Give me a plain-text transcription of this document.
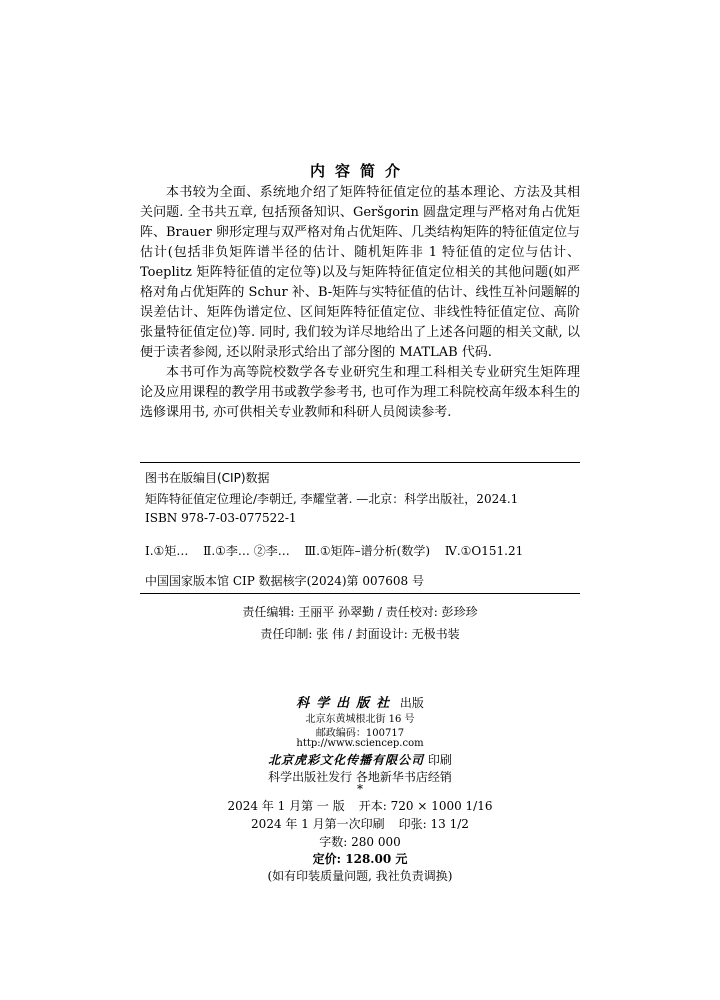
内容简介

本书较为全面、系统地介绍了矩阵特征值定位的基本理论、方法及其相关问题. 全书共五章, 包括预备知识、Geršgorin 圆盘定理与严格对角占优矩阵、Brauer 卵形定理与双严格对角占优矩阵、几类结构矩阵的特征值定位与估计(包括非负矩阵谱半径的估计、随机矩阵非 1 特征值的定位与估计、Toeplitz 矩阵特征值的定位等)以及与矩阵特征值定位相关的其他问题(如严格对角占优矩阵的 Schur 补、B-矩阵与实特征值的估计、线性互补问题解的误差估计、矩阵伪谱定位、区间矩阵特征值定位、非线性特征值定位、高阶张量特征值定位)等. 同时, 我们较为详尽地给出了上述各问题的相关文献, 以便于读者参阅, 还以附录形式给出了部分图的 MATLAB 代码.

本书可作为高等院校数学各专业研究生和理工科相关专业研究生矩阵理论及应用课程的教学用书或教学参考书, 也可作为理工科院校高年级本科生的选修课用书, 亦可供相关专业教师和科研人员阅读参考.

图书在版编目(CIP)数据
矩阵特征值定位理论/李朝迁, 李耀堂著. —北京：科学出版社，2024.1
ISBN 978-7-03-077522-1
Ⅰ.①矩… Ⅱ.①李… ②李… Ⅲ.①矩阵–谱分析(数学) Ⅳ.①O151.21
中国国家版本馆 CIP 数据核字(2024)第 007608 号
责任编辑: 王丽平 孙翠勤 / 责任校对: 彭珍珍
责任印制: 张 伟 / 封面设计: 无极书装
科学出版社 出版
北京东黄城根北街 16 号
邮政编码：100717
http://www.sciencep.com
北京虎彩文化传播有限公司 印刷
科学出版社发行 各地新华书店经销
*
2024 年 1 月第 一 版 开本: 720 × 1000 1/16
2024 年 1 月第一次印刷 印张: 13 1/2
字数: 280 000
定价: 128.00 元
(如有印装质量问题, 我社负责调换)
